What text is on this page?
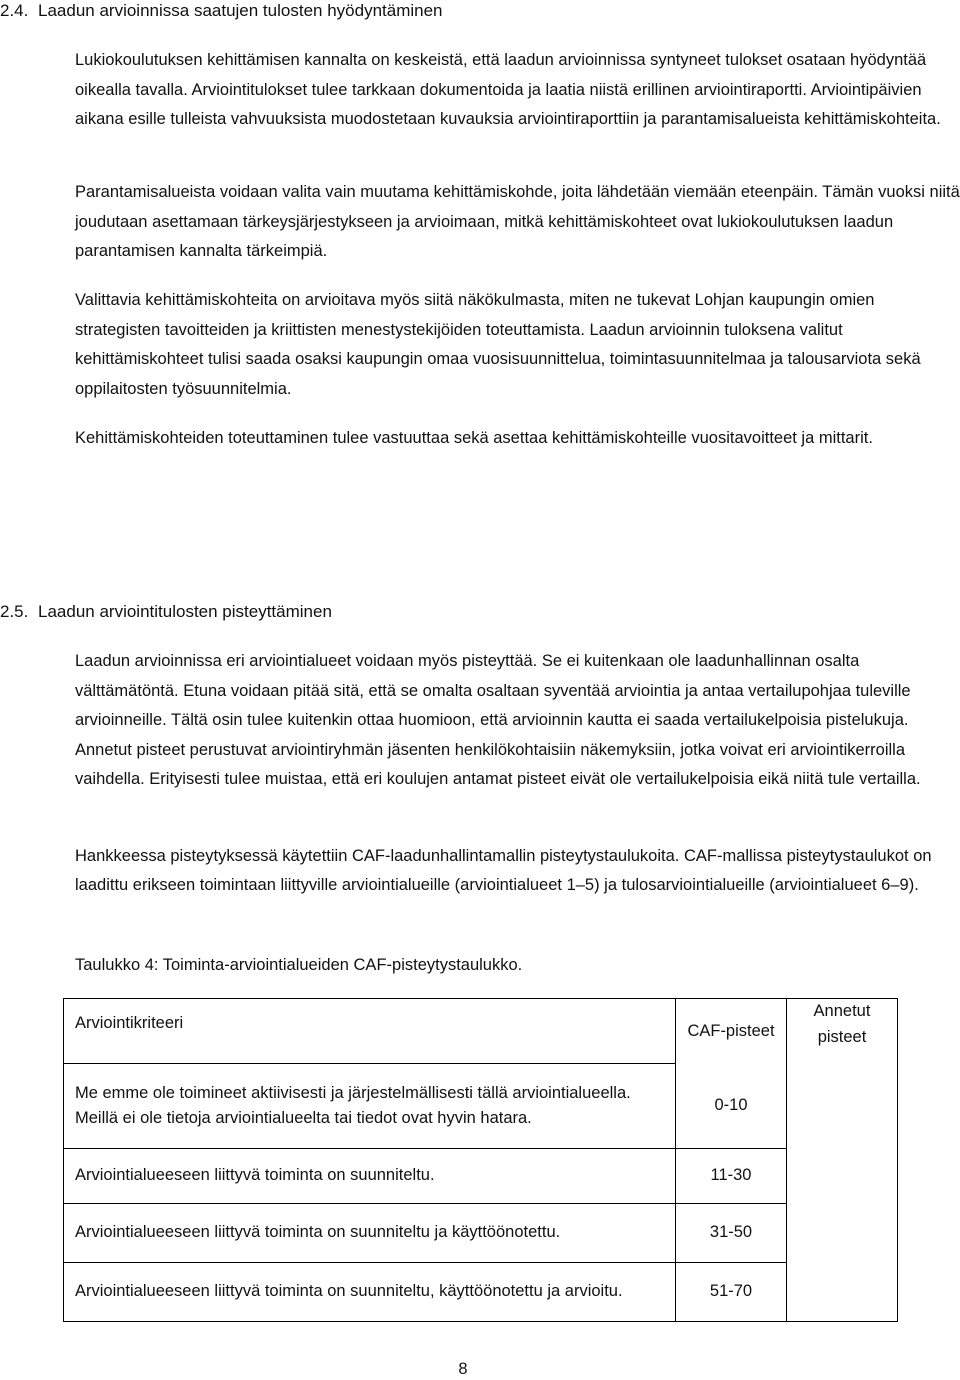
2.4. Laadun arvioinnissa saatujen tulosten hyödyntäminen

Lukiokoulutuksen kehittämisen kannalta on keskeistä, että laadun arvioinnissa syntyneet tulokset osataan hyödyntää oikealla tavalla. Arviointitulokset tulee tarkkaan dokumentoida ja laatia niistä erillinen arviointiraportti. Arviointipäivien aikana esille tulleista vahvuuksista muodostetaan kuvauksia arviointiraporttiin ja parantamisalueista kehittämiskohteita.

Parantamisalueista voidaan valita vain muutama kehittämiskohde, joita lähdetään viemään eteenpäin. Tämän vuoksi niitä joudutaan asettamaan tärkeysjärjestykseen ja arvioimaan, mitkä kehittämiskohteet ovat lukiokoulutuksen laadun parantamisen kannalta tärkeimpiä.

Valittavia kehittämiskohteita on arvioitava myös siitä näkökulmasta, miten ne tukevat Lohjan kaupungin omien strategisten tavoitteiden ja kriittisten menestystekijöiden toteuttamista. Laadun arvioinnin tuloksena valitut kehittämiskohteet tulisi saada osaksi kaupungin omaa vuosisuunnittelua, toimintasuunnitelmaa ja talousarviota sekä oppilaitosten työsuunnitelmia.

Kehittämiskohteiden toteuttaminen tulee vastuuttaa sekä asettaa kehittämiskohteille vuositavoitteet ja mittarit.

2.5. Laadun arviointitulosten pisteyttäminen

Laadun arvioinnissa eri arviointialueet voidaan myös pisteyttää. Se ei kuitenkaan ole laadunhallinnan osalta välttämätöntä. Etuna voidaan pitää sitä, että se omalta osaltaan syventää arviointia ja antaa vertailupohjaa tuleville arvioinneille. Tältä osin tulee kuitenkin ottaa huomioon, että arvioinnin kautta ei saada vertailukelpoisia pistelukuja. Annetut pisteet perustuvat arviointiryhmän jäsenten henkilökohtaisiin näkemyksiin, jotka voivat eri arviointikerroilla vaihdella. Erityisesti tulee muistaa, että eri koulujen antamat pisteet eivät ole vertailukelpoisia eikä niitä tule vertailla.

Hankkeessa pisteytyksessä käytettiin CAF-laadunhallintamallin pisteytystaulukoita. CAF-mallissa pisteytystaulukot on laadittu erikseen toimintaan liittyville arviointialueille (arviointialueet 1–5) ja tulosarviointialueille (arviointialueet 6–9).

Taulukko 4: Toiminta-arviointialueiden CAF-pisteytystaulukko.

Arviointikriteeri	CAF-pisteet	Annetut pisteet
Me emme ole toimineet aktiivisesti ja järjestelmällisesti tällä arviointialueella. Meillä ei ole tietoja arviointialueelta tai tiedot ovat hyvin hatara.	0-10	
Arviointialueeseen liittyvä toiminta on suunniteltu.	11-30	
Arviointialueeseen liittyvä toiminta on suunniteltu ja käyttöönotettu.	31-50	
Arviointialueeseen liittyvä toiminta on suunniteltu, käyttöönotettu ja arvioitu.	51-70	
8
